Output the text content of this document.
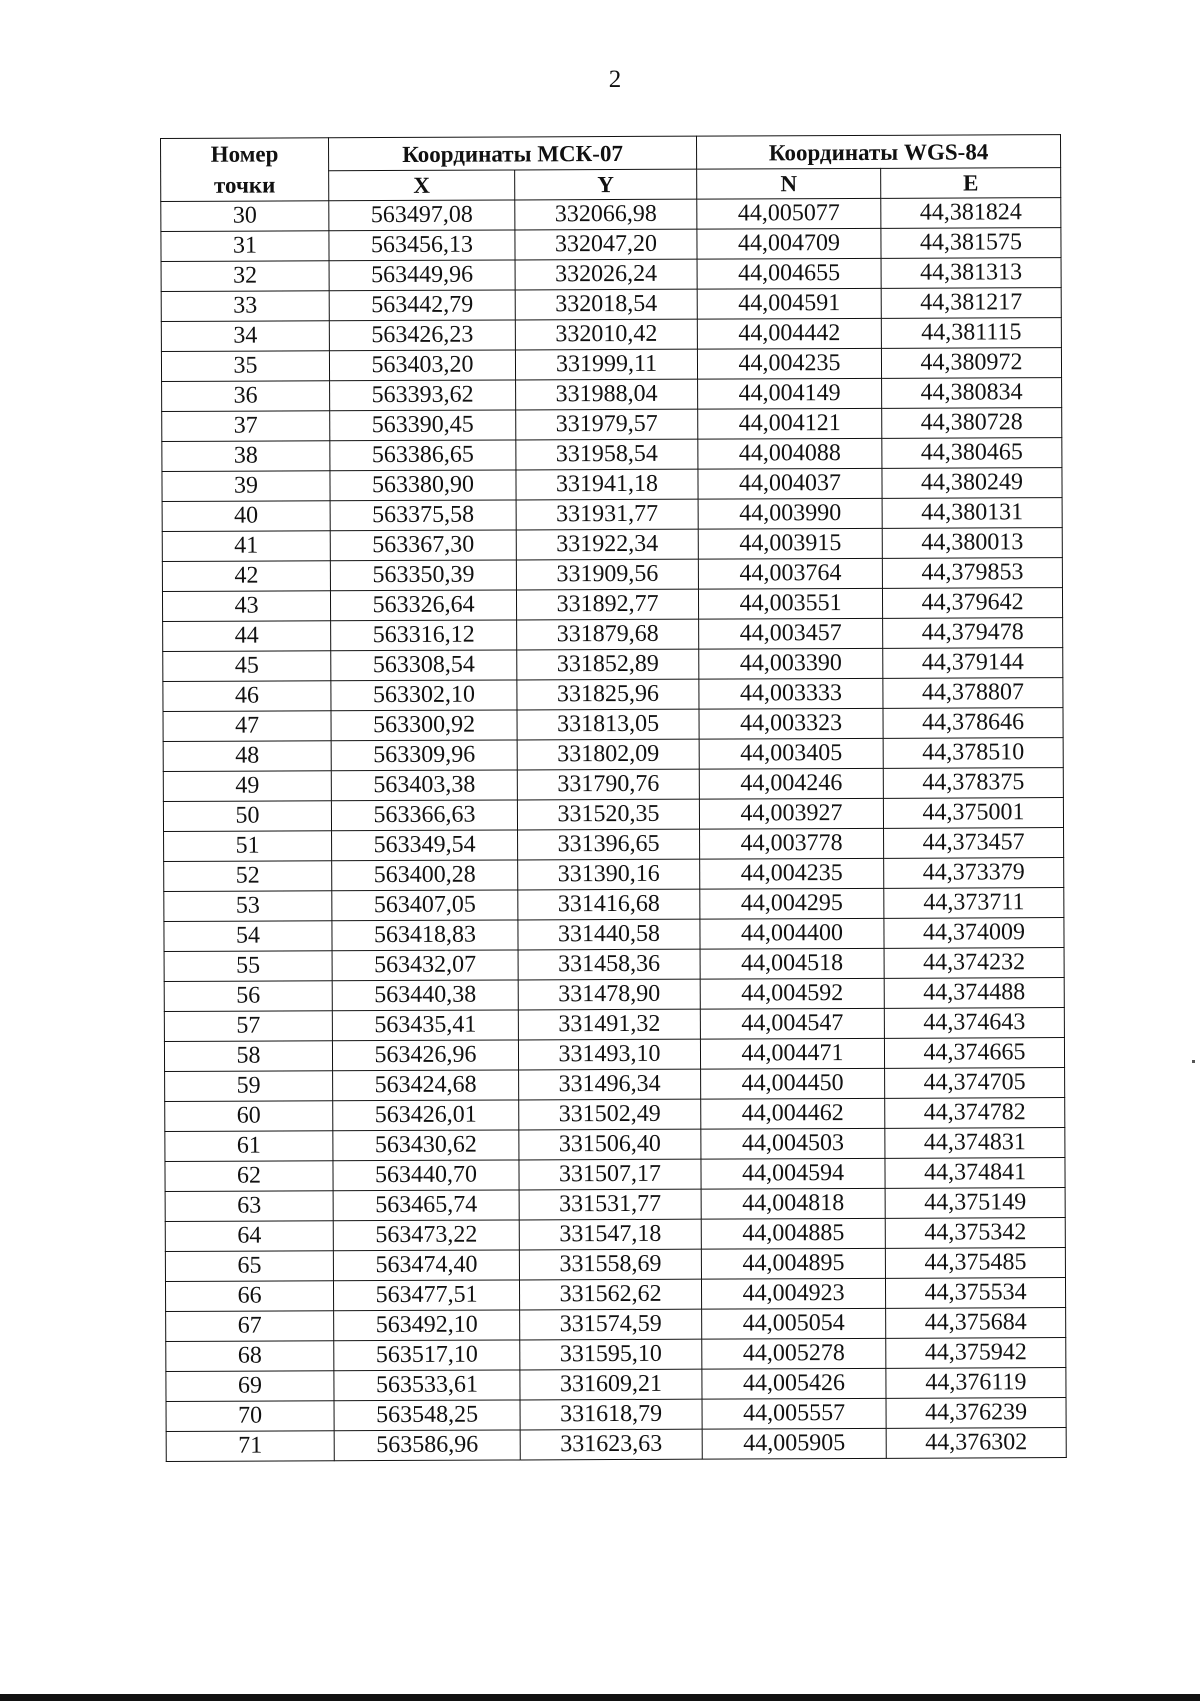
2
Номер
точки	Координаты МСК-07		Координаты WGS-84	
	X	Y	N	E
30	563497,08	332066,98	44,005077	44,381824
31	563456,13	332047,20	44,004709	44,381575
32	563449,96	332026,24	44,004655	44,381313
33	563442,79	332018,54	44,004591	44,381217
34	563426,23	332010,42	44,004442	44,381115
35	563403,20	331999,11	44,004235	44,380972
36	563393,62	331988,04	44,004149	44,380834
37	563390,45	331979,57	44,004121	44,380728
38	563386,65	331958,54	44,004088	44,380465
39	563380,90	331941,18	44,004037	44,380249
40	563375,58	331931,77	44,003990	44,380131
41	563367,30	331922,34	44,003915	44,380013
42	563350,39	331909,56	44,003764	44,379853
43	563326,64	331892,77	44,003551	44,379642
44	563316,12	331879,68	44,003457	44,379478
45	563308,54	331852,89	44,003390	44,379144
46	563302,10	331825,96	44,003333	44,378807
47	563300,92	331813,05	44,003323	44,378646
48	563309,96	331802,09	44,003405	44,378510
49	563403,38	331790,76	44,004246	44,378375
50	563366,63	331520,35	44,003927	44,375001
51	563349,54	331396,65	44,003778	44,373457
52	563400,28	331390,16	44,004235	44,373379
53	563407,05	331416,68	44,004295	44,373711
54	563418,83	331440,58	44,004400	44,374009
55	563432,07	331458,36	44,004518	44,374232
56	563440,38	331478,90	44,004592	44,374488
57	563435,41	331491,32	44,004547	44,374643
58	563426,96	331493,10	44,004471	44,374665
59	563424,68	331496,34	44,004450	44,374705
60	563426,01	331502,49	44,004462	44,374782
61	563430,62	331506,40	44,004503	44,374831
62	563440,70	331507,17	44,004594	44,374841
63	563465,74	331531,77	44,004818	44,375149
64	563473,22	331547,18	44,004885	44,375342
65	563474,40	331558,69	44,004895	44,375485
66	563477,51	331562,62	44,004923	44,375534
67	563492,10	331574,59	44,005054	44,375684
68	563517,10	331595,10	44,005278	44,375942
69	563533,61	331609,21	44,005426	44,376119
70	563548,25	331618,79	44,005557	44,376239
71	563586,96	331623,63	44,005905	44,376302
